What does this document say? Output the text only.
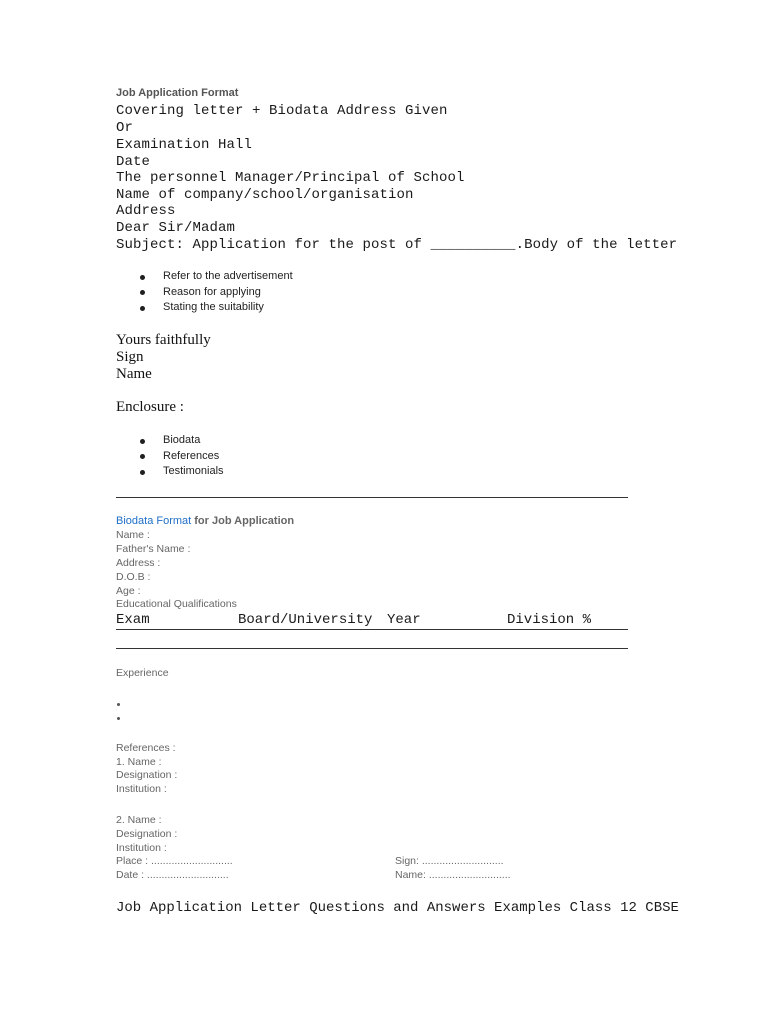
Job Application Format
Covering letter + Biodata Address Given
Or
Examination Hall
Date
The personnel Manager/Principal of School
Name of company/school/organisation
Address
Dear Sir/Madam
Subject: Application for the post of __________.Body of the letter
Refer to the advertisement
Reason for applying
Stating the suitability
Yours faithfully
Sign
Name
Enclosure :
Biodata
References
Testimonials
Biodata Format for Job Application
Name :
Father's Name :
Address :
D.O.B :
Age :
Educational Qualifications
Exam	Board/University Year	Division %
Experience
References :
1. Name :
Designation :
Institution :
2. Name :
Designation :
Institution :
Place : ............................
Date : ............................
Sign: ............................
Name: ............................
Job Application Letter Questions and Answers Examples Class 12 CBSE
